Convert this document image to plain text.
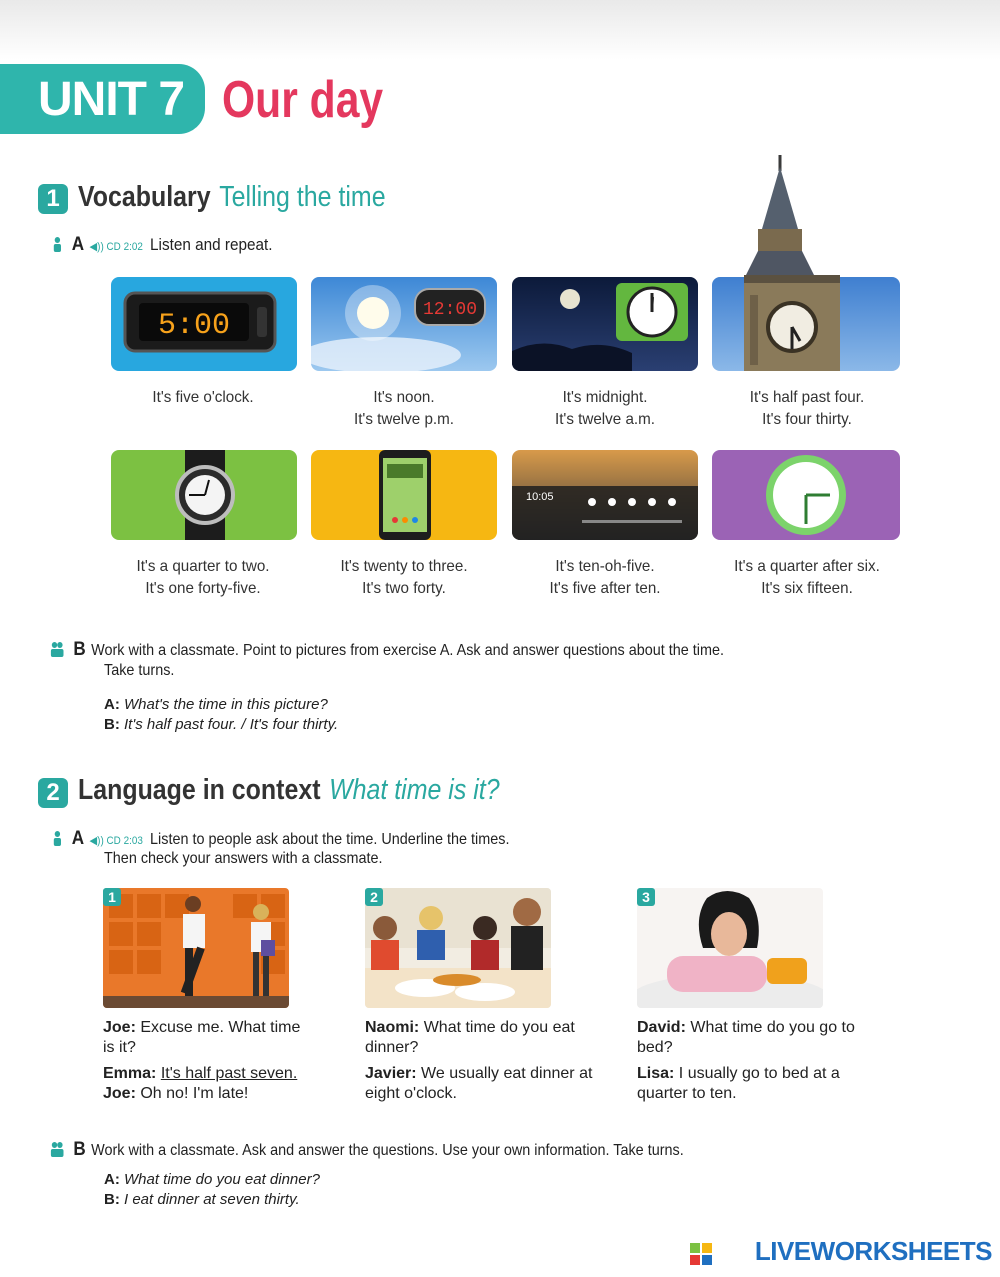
UNIT 7 Our day
1 Vocabulary Telling the time
A ◀)) CD 2:02 Listen and repeat.
5:00
It's five o'clock.
12:00
It's noon.
It's twelve p.m.
It's midnight.
It's twelve a.m.
It's half past four.
It's four thirty.
It's a quarter to two.
It's one forty-five.
It's twenty to three.
It's two forty.
10:05
It's ten-oh-five.
It's five after ten.
It's a quarter after six.
It's six fifteen.
B Work with a classmate. Point to pictures from exercise A. Ask and answer questions about the time.
Take turns.
A: What's the time in this picture?
B: It's half past four. / It's four thirty.
2 Language in context What time is it?
A ◀)) CD 2:03 Listen to people ask about the time. Underline the times.
Then check your answers with a classmate.
1	2	3
Joe: Excuse me. What time is it?
Emma: It's half past seven.
Joe: Oh no! I'm late!
Naomi: What time do you eat dinner?
Javier: We usually eat dinner at eight o'clock.
David: What time do you go to bed?
Lisa: I usually go to bed at a quarter to ten.
B Work with a classmate. Ask and answer the questions. Use your own information. Take turns.
A: What time do you eat dinner?
B: I eat dinner at seven thirty.
LIVEWORKSHEETS
